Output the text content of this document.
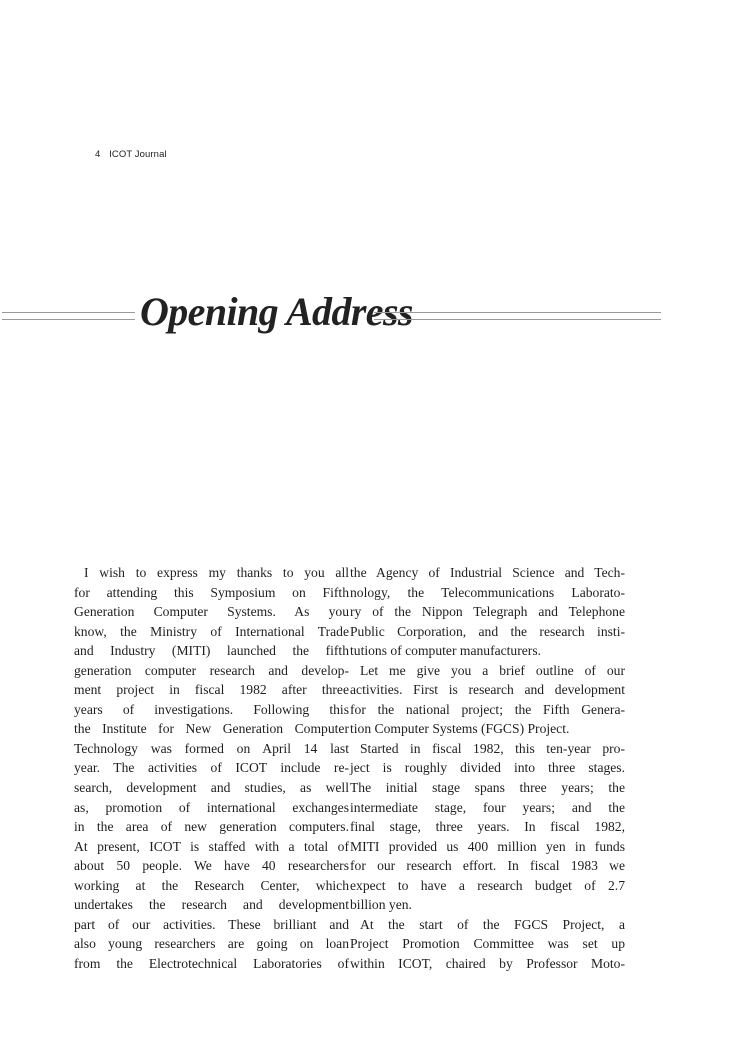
4 ICOT Journal
Opening Address
I wish to express my thanks to you all
for attending this Symposium on Fifth
Generation Computer Systems. As you
know, the Ministry of International Trade
and Industry (MITI) launched the fifth
generation computer research and develop-
ment project in fiscal 1982 after three
years of investigations. Following this
the Institute for New Generation Computer
Technology was formed on April 14 last
year. The activities of ICOT include re-
search, development and studies, as well
as, promotion of international exchanges
in the area of new generation computers.
At present, ICOT is staffed with a total of
about 50 people. We have 40 researchers
working at the Research Center, which
undertakes the research and development
part of our activities. These brilliant and
also young researchers are going on loan
from the Electrotechnical Laboratories of
the Agency of Industrial Science and Tech-
nology, the Telecommunications Laborato-
ry of the Nippon Telegraph and Telephone
Public Corporation, and the research insti-
tutions of computer manufacturers.
Let me give you a brief outline of our
activities. First is research and development
for the national project; the Fifth Genera-
tion Computer Systems (FGCS) Project.
Started in fiscal 1982, this ten-year pro-
ject is roughly divided into three stages.
The initial stage spans three years; the
intermediate stage, four years; and the
final stage, three years. In fiscal 1982,
MITI provided us 400 million yen in funds
for our research effort. In fiscal 1983 we
expect to have a research budget of 2.7
billion yen.
At the start of the FGCS Project, a
Project Promotion Committee was set up
within ICOT, chaired by Professor Moto-
